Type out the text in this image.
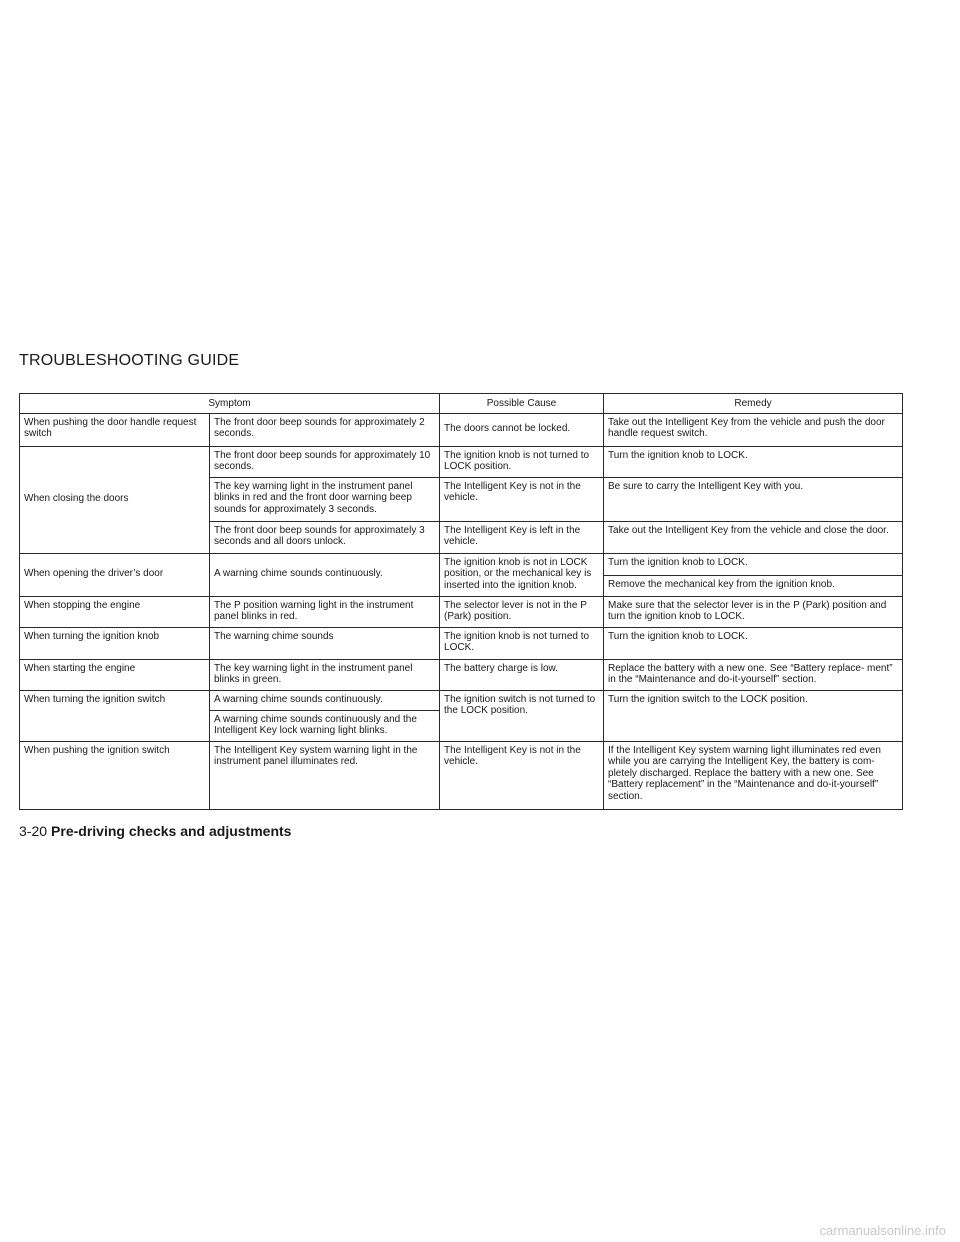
TROUBLESHOOTING GUIDE
Symptom		Possible Cause	Remedy
When pushing the door handle request switch	The front door beep sounds for approximately 2 seconds.	The doors cannot be locked.	Take out the Intelligent Key from the vehicle and push the door handle request switch.
When closing the doors	The front door beep sounds for approximately 10 seconds.	The ignition knob is not turned to LOCK position.	Turn the ignition knob to LOCK.
	The key warning light in the instrument panel blinks in red and the front door warning beep sounds for approximately 3 seconds.	The Intelligent Key is not in the vehicle.	Be sure to carry the Intelligent Key with you.
	The front door beep sounds for approximately 3 seconds and all doors unlock.	The Intelligent Key is left in the vehicle.	Take out the Intelligent Key from the vehicle and close the door.
When opening the driver’s door	A warning chime sounds continuously.	The ignition knob is not in LOCK position, or the mechanical key is inserted into the ignition knob.	Turn the ignition knob to LOCK.
			Remove the mechanical key from the ignition knob.
When stopping the engine	The P position warning light in the instrument panel blinks in red.	The selector lever is not in the P (Park) position.	Make sure that the selector lever is in the P (Park) position and turn the ignition knob to LOCK.
When turning the ignition knob	The warning chime sounds	The ignition knob is not turned to LOCK.	Turn the ignition knob to LOCK.
When starting the engine	The key warning light in the instrument panel blinks in green.	The battery charge is low.	Replace the battery with a new one. See “Battery replace- ment” in the “Maintenance and do-it-yourself” section.
When turning the ignition switch	A warning chime sounds continuously.	The ignition switch is not turned to the LOCK position.	Turn the ignition switch to the LOCK position.
	A warning chime sounds continuously and the Intelligent Key lock warning light blinks.		
When pushing the ignition switch	The Intelligent Key system warning light in the instrument panel illuminates red.	The Intelligent Key is not in the vehicle.	If the Intelligent Key system warning light illuminates red even while you are carrying the Intelligent Key, the battery is com- pletely discharged. Replace the battery with a new one. See “Battery replacement” in the “Maintenance and do-it-yourself” section.
3-20 Pre-driving checks and adjustments
carmanualsonline.info
